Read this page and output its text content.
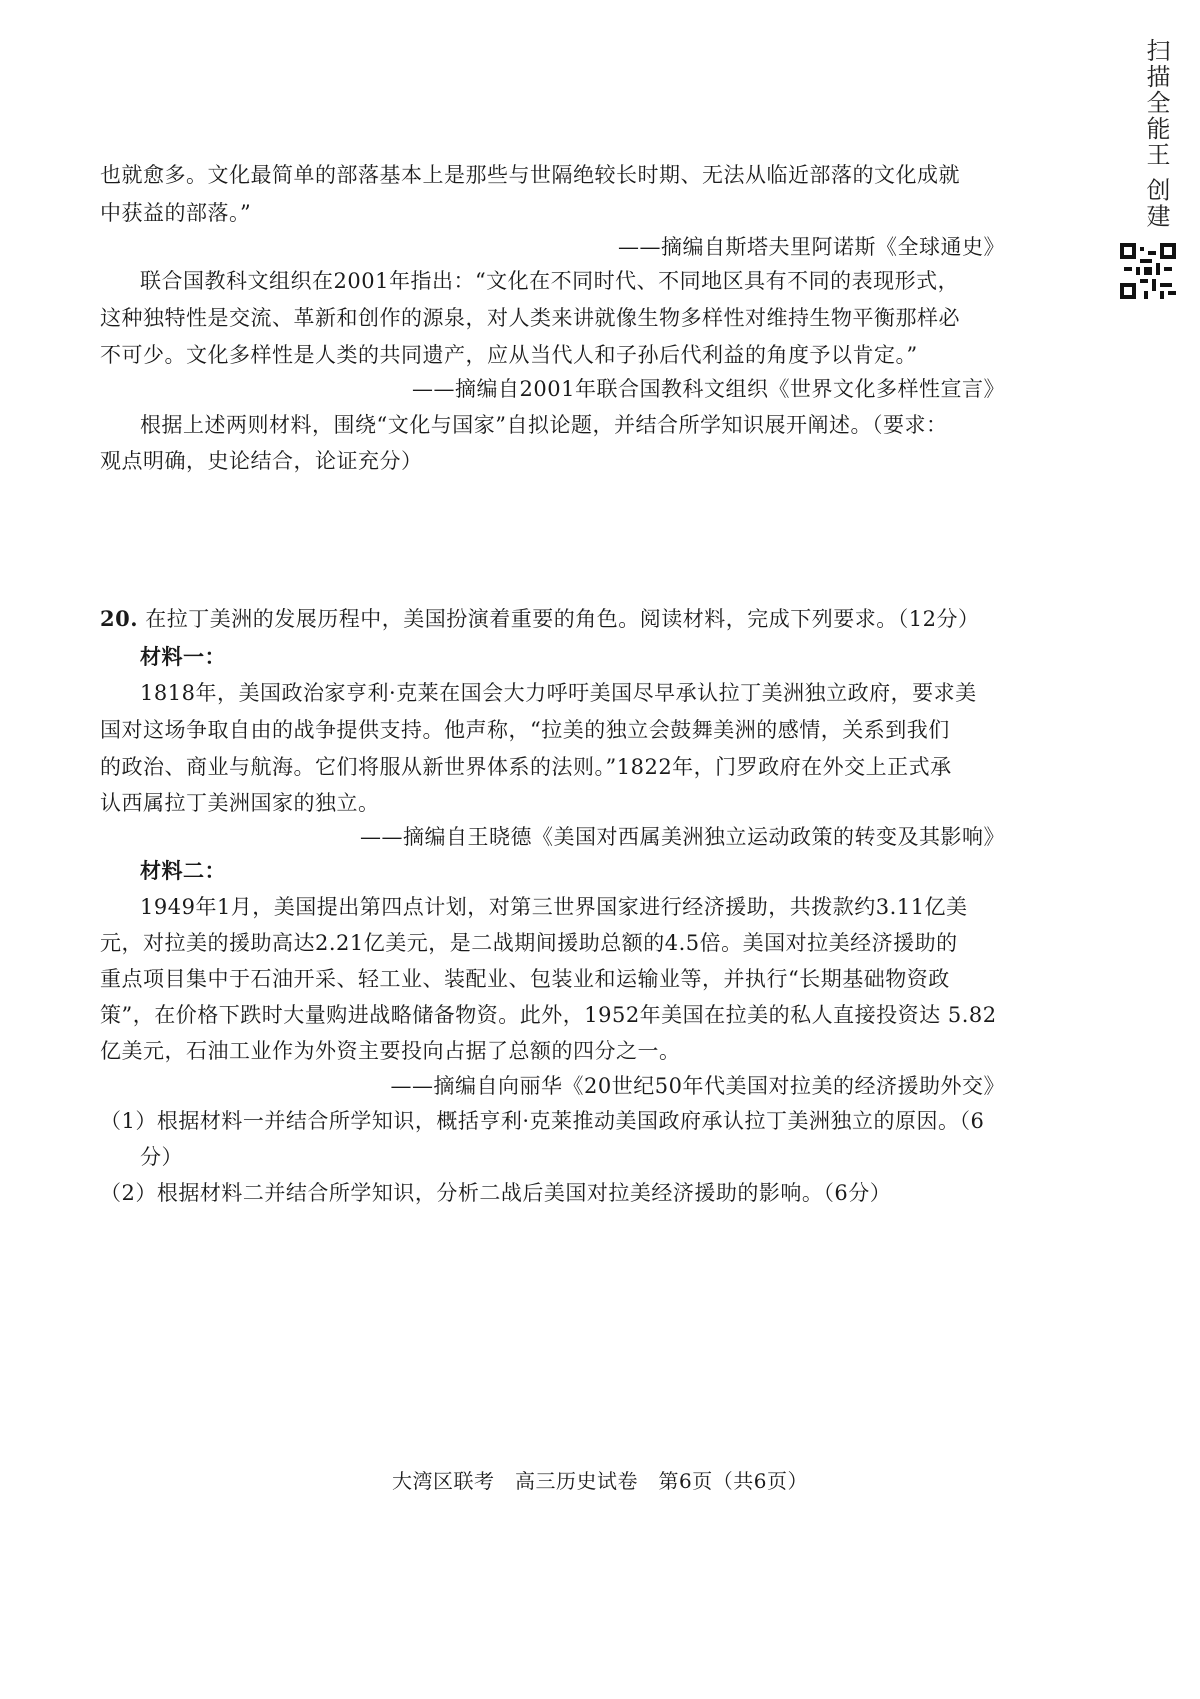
扫描全能王 创建
也就愈多。文化最简单的部落基本上是那些与世隔绝较长时期、无法从临近部落的文化成就
中获益的部落。”
——摘编自斯塔夫里阿诺斯《全球通史》
联合国教科文组织在2001年指出：“文化在不同时代、不同地区具有不同的表现形式，
这种独特性是交流、革新和创作的源泉，对人类来讲就像生物多样性对维持生物平衡那样必
不可少。文化多样性是人类的共同遗产，应从当代人和子孙后代利益的角度予以肯定。”
——摘编自2001年联合国教科文组织《世界文化多样性宣言》
根据上述两则材料，围绕“文化与国家”自拟论题，并结合所学知识展开阐述。（要求：
观点明确，史论结合，论证充分）
20. 在拉丁美洲的发展历程中，美国扮演着重要的角色。阅读材料，完成下列要求。（12分）
材料一：
1818年，美国政治家亨利·克莱在国会大力呼吁美国尽早承认拉丁美洲独立政府，要求美
国对这场争取自由的战争提供支持。他声称，“拉美的独立会鼓舞美洲的感情，关系到我们
的政治、商业与航海。它们将服从新世界体系的法则。”1822年，门罗政府在外交上正式承
认西属拉丁美洲国家的独立。
——摘编自王晓德《美国对西属美洲独立运动政策的转变及其影响》
材料二：
1949年1月，美国提出第四点计划，对第三世界国家进行经济援助，共拨款约3.11亿美
元，对拉美的援助高达2.21亿美元，是二战期间援助总额的4.5倍。美国对拉美经济援助的
重点项目集中于石油开采、轻工业、装配业、包装业和运输业等，并执行“长期基础物资政
策”，在价格下跌时大量购进战略储备物资。此外，1952年美国在拉美的私人直接投资达 5.82
亿美元，石油工业作为外资主要投向占据了总额的四分之一。
——摘编自向丽华《20世纪50年代美国对拉美的经济援助外交》
（1）根据材料一并结合所学知识，概括亨利·克莱推动美国政府承认拉丁美洲独立的原因。（6
分）
（2）根据材料二并结合所学知识，分析二战后美国对拉美经济援助的影响。（6分）
大湾区联考　高三历史试卷　第6页（共6页）
